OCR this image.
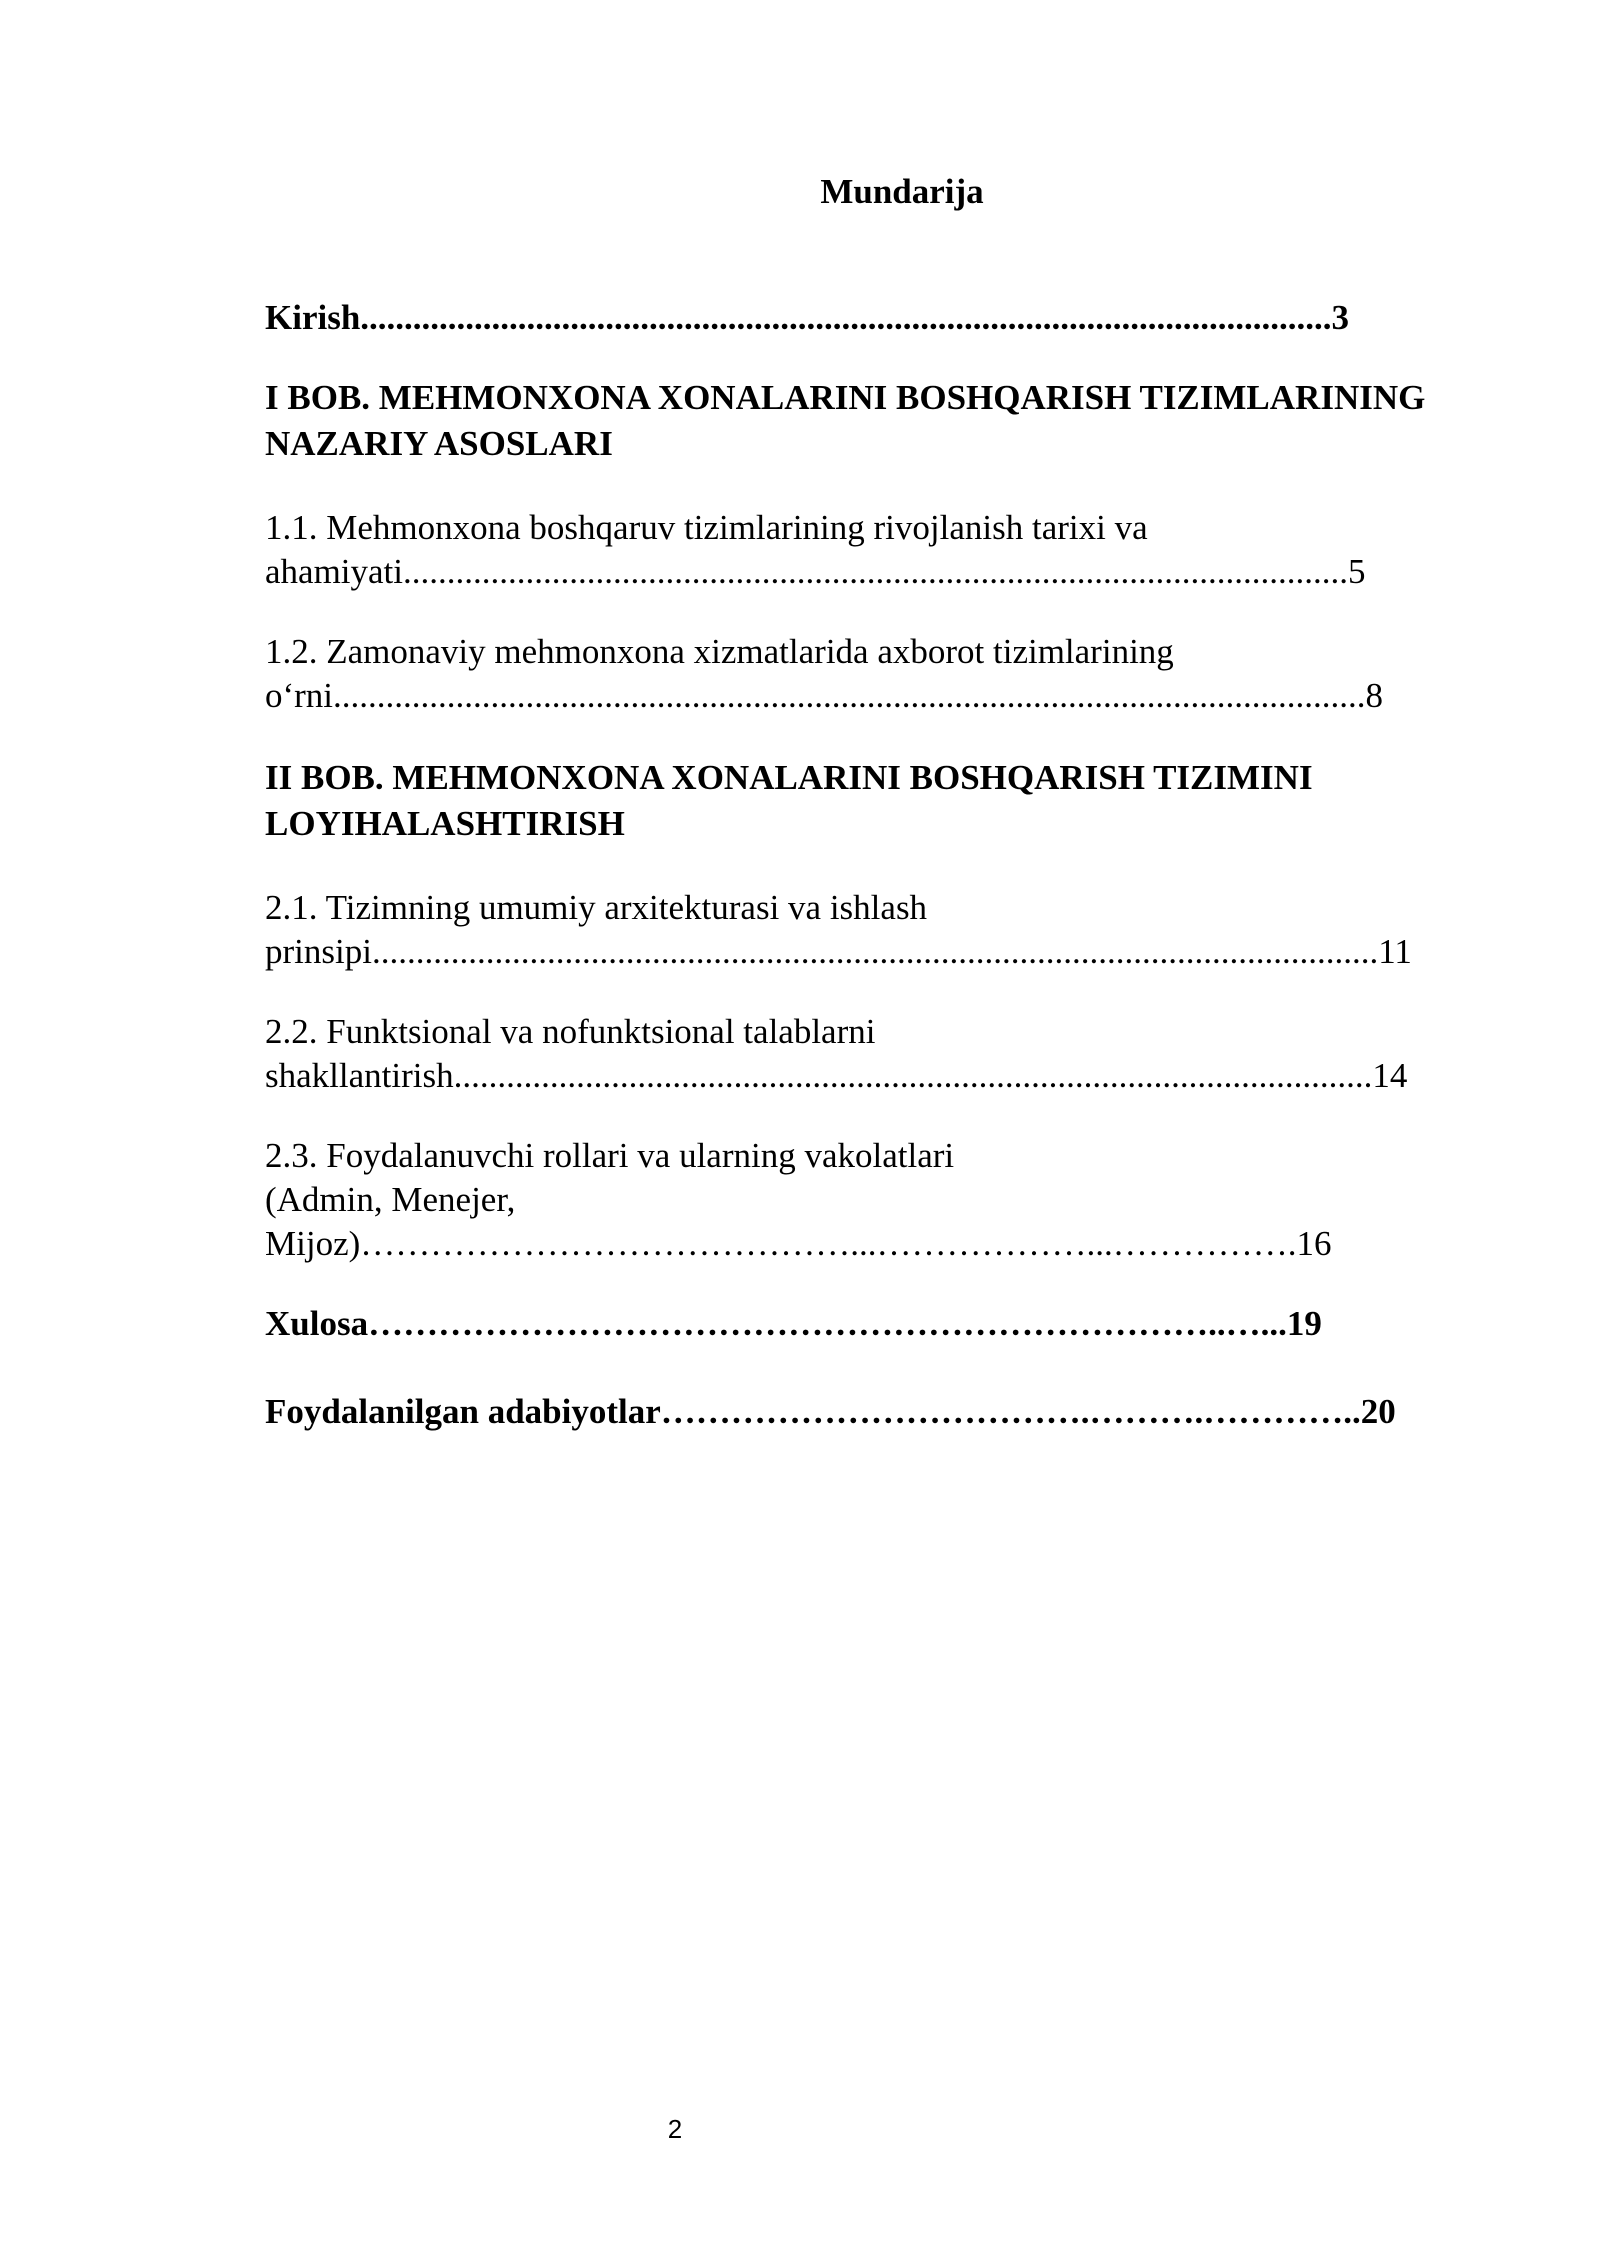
Mundarija

Kirish...............................................................................................................3

I BOB. MEHMONXONA XONALARINI BOSHQARISH TIZIMLARINING

NAZARIY ASOSLARI

1.1. Mehmonxona boshqaruv tizimlarining rivojlanish tarixi va

ahamiyati............................................................................................................5

1.2. Zamonaviy mehmonxona xizmatlarida axborot tizimlarining

o‘rni......................................................................................................................8

II BOB. MEHMONXONA XONALARINI BOSHQARISH TIZIMINI

LOYIHALASHTIRISH

2.1. Tizimning umumiy arxitekturasi va ishlash

prinsipi...................................................................................................................11

2.2. Funktsional va nofunktsional talablarni

shakllantirish.........................................................................................................14

2.3. Foydalanuvchi rollari va ularning vakolatlari

(Admin, Menejer,

Mijoz)……………………………………...………………...…………….16

Xulosa………………………………………………………………..…...19

Foydalanilgan adabiyotlar……………………………….……….…………..20

2
